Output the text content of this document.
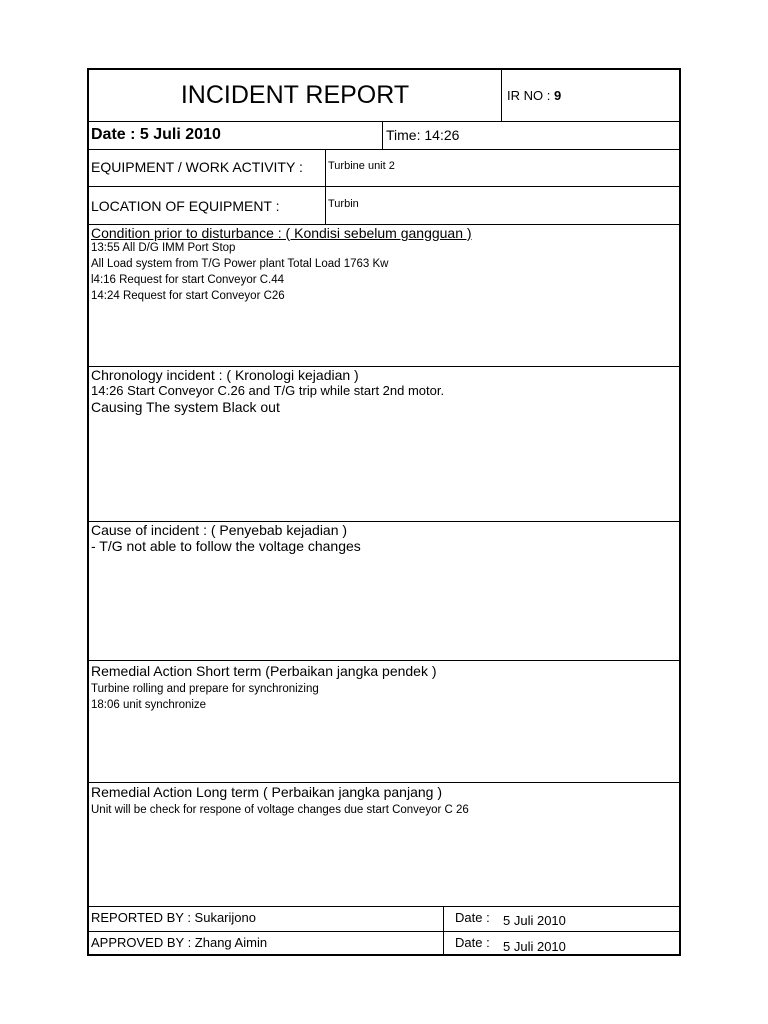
INCIDENT REPORT	IR NO : 9
Date : 5 Juli 2010	Time: 14:26
EQUIPMENT / WORK ACTIVITY : Turbine unit 2
LOCATION OF EQUIPMENT :	Turbin
Condition prior to disturbance : ( Kondisi sebelum gangguan )
13:55 All D/G IMM Port Stop
All Load system from T/G Power plant Total Load 1763 Kw
l4:16 Request for start Conveyor C.44
14:24 Request for start Conveyor C26
Chronology incident : ( Kronologi kejadian )
14:26 Start Conveyor C.26 and T/G trip while start 2nd motor.
Causing The system Black out
Cause of incident : ( Penyebab kejadian )
- T/G not able to follow the voltage changes
Remedial Action Short term (Perbaikan jangka pendek )
Turbine rolling and prepare for synchronizing
18:06 unit synchronize
Remedial Action Long term ( Perbaikan jangka panjang )
Unit will be check for respone of voltage changes due start Conveyor C 26
REPORTED BY : Sukarijono	Date : 5 Juli 2010
APPROVED BY : Zhang Aimin	Date : 5 Juli 2010
